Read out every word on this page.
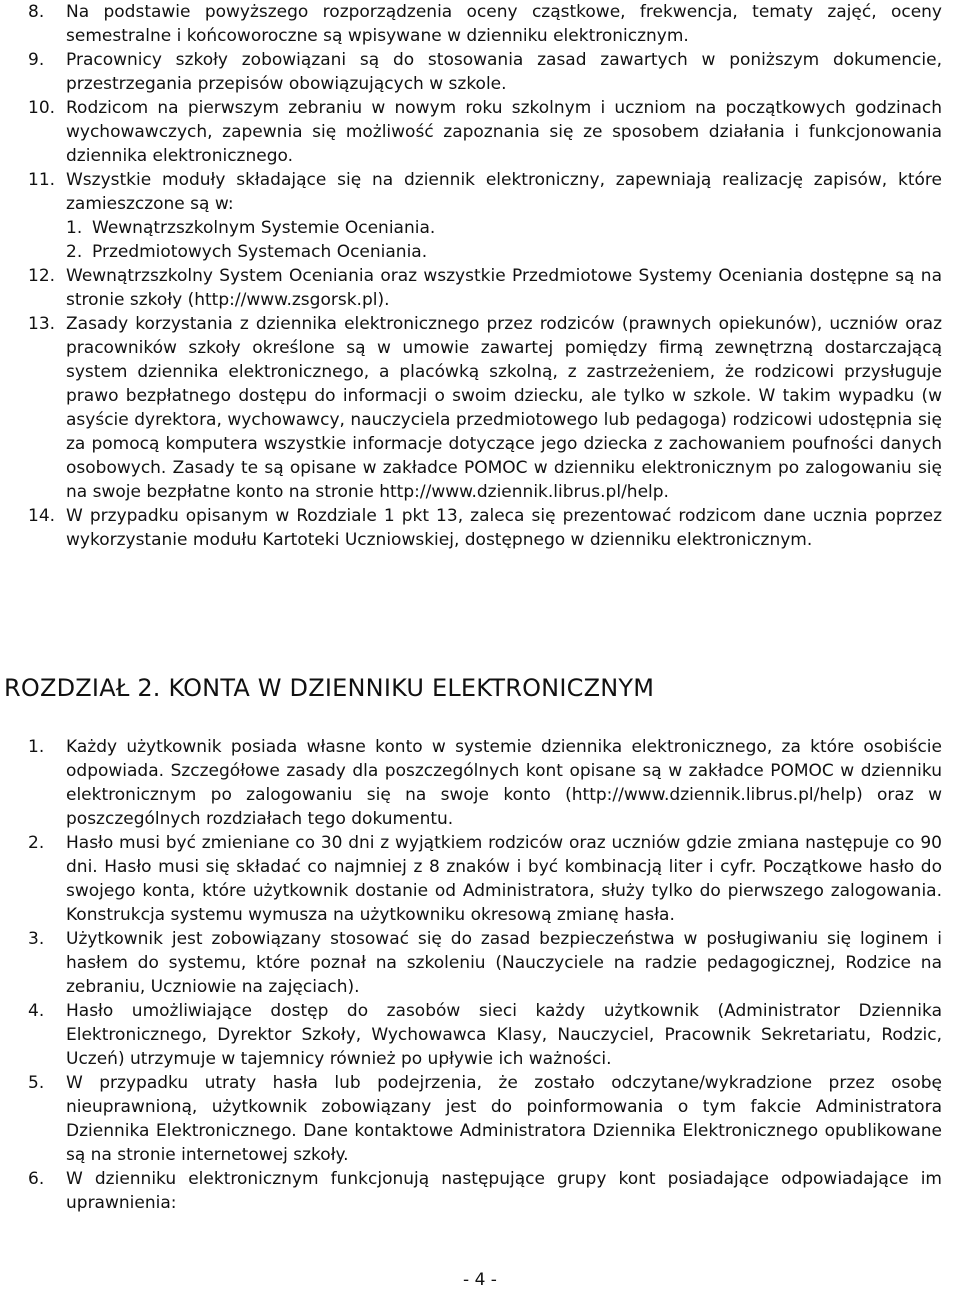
8.	Na podstawie powyższego rozporządzenia oceny cząstkowe, frekwencja, tematy zajęć, oceny semestralne i końcoworoczne są wpisywane w dzienniku elektronicznym.
9.	Pracownicy szkoły zobowiązani są do stosowania zasad zawartych w poniższym dokumencie, przestrzegania przepisów obowiązujących w szkole.
10. Rodzicom na pierwszym zebraniu w nowym roku szkolnym i uczniom na początkowych godzinach wychowawczych, zapewnia się możliwość zapoznania się ze sposobem działania i funkcjonowania dziennika elektronicznego.
11. Wszystkie moduły składające się na dziennik elektroniczny, zapewniają realizację zapisów, które zamieszczone są w:
1. Wewnątrzszkolnym Systemie Oceniania.
2. Przedmiotowych Systemach Oceniania.
12. Wewnątrzszkolny System Oceniania oraz wszystkie Przedmiotowe Systemy Oceniania dostępne są na stronie szkoły (http://www.zsgorsk.pl).
13. Zasady korzystania z dziennika elektronicznego przez rodziców (prawnych opiekunów), uczniów oraz pracowników szkoły określone są w umowie zawartej pomiędzy firmą zewnętrzną dostarczającą system dziennika elektronicznego, a placówką szkolną, z zastrzeżeniem, że rodzicowi przysługuje prawo bezpłatnego dostępu do informacji o swoim dziecku, ale tylko w szkole. W takim wypadku (w asyście dyrektora, wychowawcy, nauczyciela przedmiotowego lub pedagoga) rodzicowi udostępnia się za pomocą komputera wszystkie informacje dotyczące jego dziecka z zachowaniem poufności danych osobowych. Zasady te są opisane w zakładce POMOC w dzienniku elektronicznym po zalogowaniu się na swoje bezpłatne konto na stronie http://www.dziennik.librus.pl/help.
14. W przypadku opisanym w Rozdziale 1 pkt 13, zaleca się prezentować rodzicom dane ucznia poprzez wykorzystanie modułu Kartoteki Uczniowskiej, dostępnego w dzienniku elektronicznym.
ROZDZIAŁ 2. KONTA W DZIENNIKU ELEKTRONICZNYM
1.	Każdy użytkownik posiada własne konto w systemie dziennika elektronicznego, za które osobiście odpowiada. Szczegółowe zasady dla poszczególnych kont opisane są w zakładce POMOC w dzienniku elektronicznym po zalogowaniu się na swoje konto (http://www.dziennik.librus.pl/help) oraz w poszczególnych rozdziałach tego dokumentu.
2.	Hasło musi być zmieniane co 30 dni z wyjątkiem rodziców oraz uczniów gdzie zmiana następuje co 90 dni. Hasło musi się składać co najmniej z 8 znaków i być kombinacją liter i cyfr. Początkowe hasło do swojego konta, które użytkownik dostanie od Administratora, służy tylko do pierwszego zalogowania. Konstrukcja systemu wymusza na użytkowniku okresową zmianę hasła.
3.	Użytkownik jest zobowiązany stosować się do zasad bezpieczeństwa w posługiwaniu się loginem i hasłem do systemu, które poznał na szkoleniu (Nauczyciele na radzie pedagogicznej, Rodzice na zebraniu, Uczniowie na zajęciach).
4.	Hasło umożliwiające dostęp do zasobów sieci każdy użytkownik (Administrator Dziennika Elektronicznego, Dyrektor Szkoły, Wychowawca Klasy, Nauczyciel, Pracownik Sekretariatu, Rodzic, Uczeń) utrzymuje w tajemnicy również po upływie ich ważności.
5.	W przypadku utraty hasła lub podejrzenia, że zostało odczytane/wykradzione przez osobę nieuprawnioną, użytkownik zobowiązany jest do poinformowania o tym fakcie Administratora Dziennika Elektronicznego. Dane kontaktowe Administratora Dziennika Elektronicznego opublikowane są na stronie internetowej szkoły.
6.	W dzienniku elektronicznym funkcjonują następujące grupy kont posiadające odpowiadające im uprawnienia:
- 4 -
